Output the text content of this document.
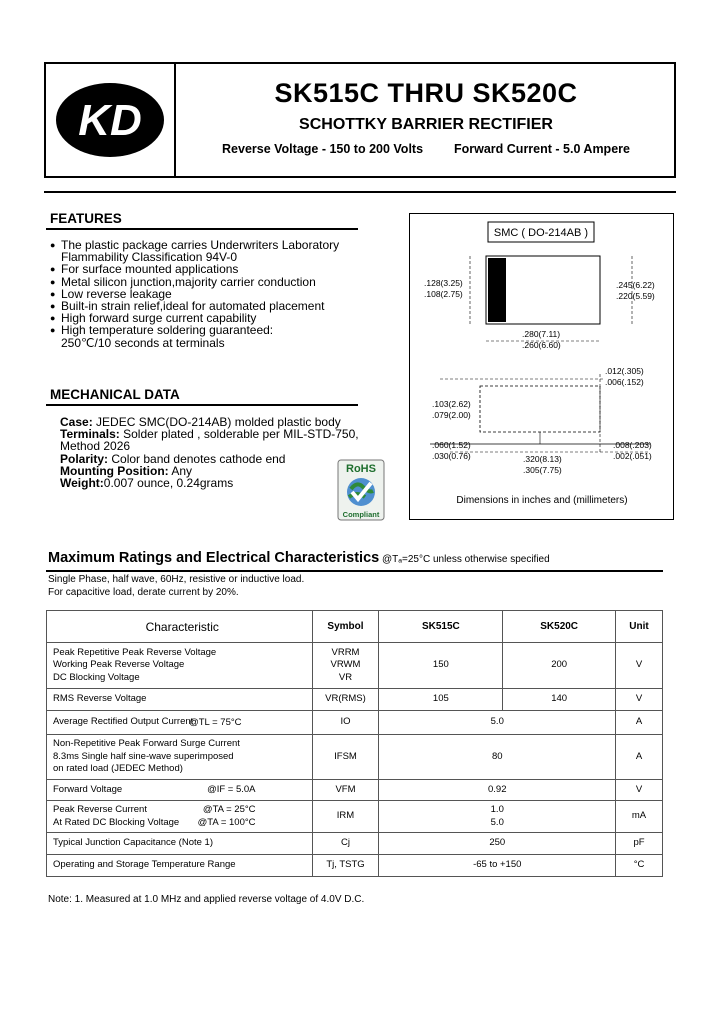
KD
SK515C THRU SK520C
SCHOTTKY BARRIER RECTIFIER
Reverse Voltage - 150 to 200 Volts Forward Current - 5.0 Ampere
FEATURES
● The plastic package carries Underwriters Laboratory
Flammability Classification 94V-0
● For surface mounted applications
● Metal silicon junction,majority carrier conduction
● Low reverse leakage
● Built-in strain relief,ideal for automated placement
● High forward surge current capability
● High temperature soldering guaranteed:
250℃/10 seconds at terminals
MECHANICAL DATA
Case: JEDEC SMC(DO-214AB) molded plastic body
Terminals: Solder plated , solderable per MIL-STD-750,
Method 2026
Polarity: Color band denotes cathode end
Mounting Position: Any
Weight:0.007 ounce, 0.24grams
RoHS
Compliant
SMC ( DO-214AB )
.128(3.25)
.108(2.75)
.245(6.22)
.220(5.59)
.280(7.11)
.260(6.60)
.012(.305)
.006(.152)
.103(2.62)
.079(2.00)
.060(1.52)
.030(0.76)
.008(.203)
.002(.051)
.320(8.13)
.305(7.75)
Dimensions in inches and (millimeters)
Maximum Ratings and Electrical Characteristics @Tₐ=25°C unless otherwise specified
Single Phase, half wave, 60Hz, resistive or inductive load.
For capacitive load, derate current by 20%.
Characteristic	Symbol	SK515C	SK520C	Unit

Peak Repetitive Peak Reverse Voltage
Working Peak Reverse Voltage
DC Blocking Voltage	VRRM
VRWM
VR	150	200	V
RMS Reverse Voltage	VR(RMS)	105	140	V
Average Rectified Output Current
@TL = 75°C	IO	5.0		A

Non-Repetitive Peak Forward Surge Current
8.3ms Single half sine-wave superimposed
on rated load (JEDEC Method)	IFSM	80		A
Forward Voltage @IF = 5.0A	VFM	0.92		V

Peak Reverse Current @TA = 25°C
At Rated DC Blocking Voltage @TA = 100°C	IRM	1.0
5.0		mA
Typical Junction Capacitance (Note 1)	Cj	250		pF
Operating and Storage Temperature Range	Tj, TSTG	-65 to +150		°C
Note: 1. Measured at 1.0 MHz and applied reverse voltage of 4.0V D.C.
